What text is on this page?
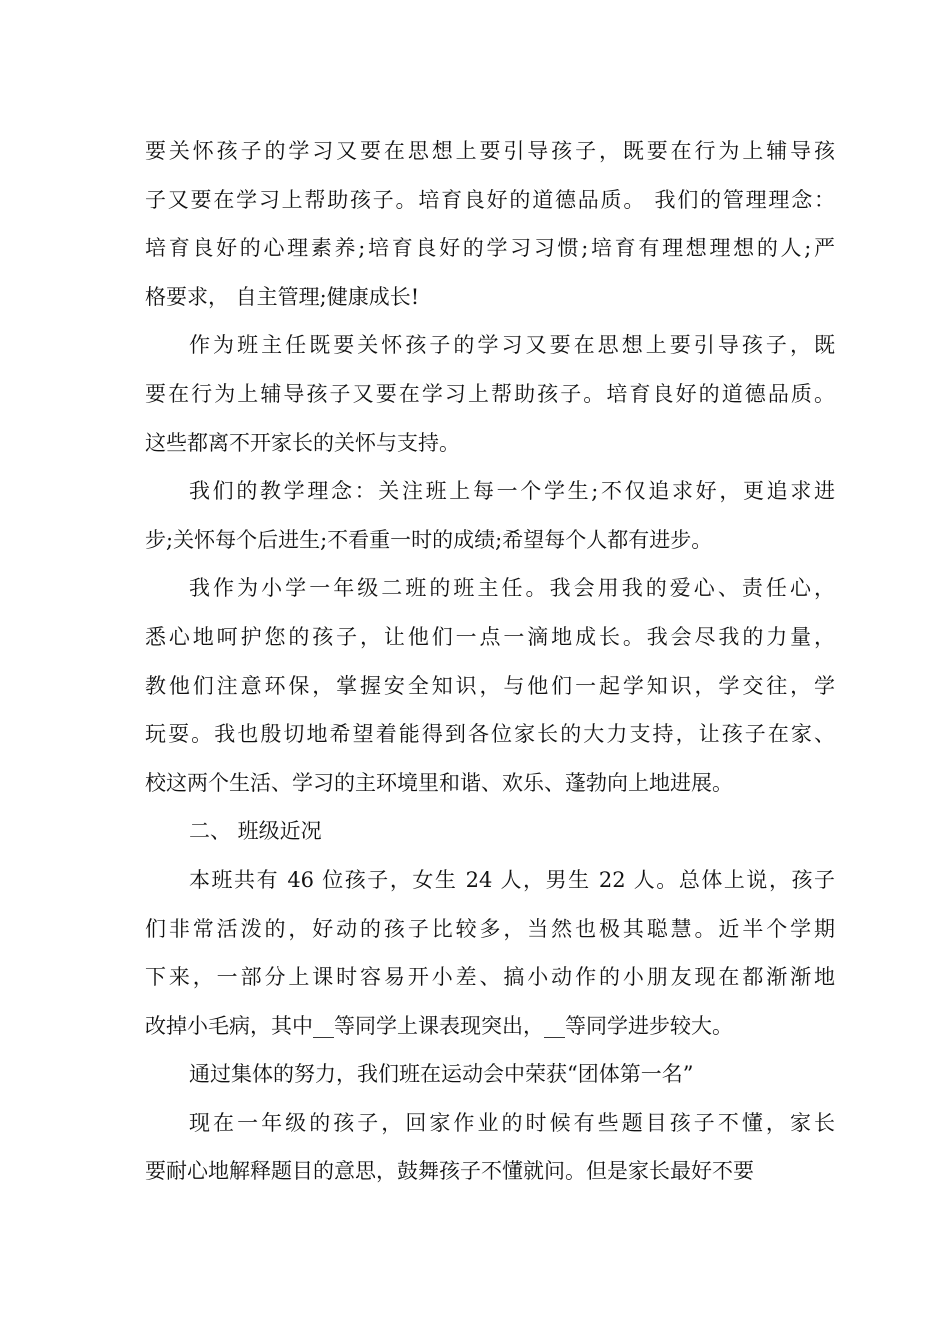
要关怀孩子的学习又要在思想上要引导孩子，既要在行为上辅导孩
子又要在学习上帮助孩子。培育良好的道德品质。 我们的管理理念：
培育良好的心理素养;培育良好的学习习惯;培育有理想理想的人;严
格要求， 自主管理;健康成长!
作为班主任既要关怀孩子的学习又要在思想上要引导孩子，既
要在行为上辅导孩子又要在学习上帮助孩子。培育良好的道德品质。
这些都离不开家长的关怀与支持。
我们的教学理念：关注班上每一个学生;不仅追求好，更追求进
步;关怀每个后进生;不看重一时的成绩;希望每个人都有进步。
我作为小学一年级二班的班主任。我会用我的爱心、责任心，
悉心地呵护您的孩子，让他们一点一滴地成长。我会尽我的力量，
教他们注意环保，掌握安全知识，与他们一起学知识，学交往，学
玩耍。我也殷切地希望着能得到各位家长的大力支持，让孩子在家、
校这两个生活、学习的主环境里和谐、欢乐、蓬勃向上地进展。
二、 班级近况
本班共有 46 位孩子，女生 24 人，男生 22 人。总体上说，孩子
们非常活泼的，好动的孩子比较多，当然也极其聪慧。近半个学期
下来，一部分上课时容易开小差、搞小动作的小朋友现在都渐渐地
改掉小毛病，其中__等同学上课表现突出，__等同学进步较大。
通过集体的努力，我们班在运动会中荣获“团体第一名”
现在一年级的孩子，回家作业的时候有些题目孩子不懂，家长
要耐心地解释题目的意思，鼓舞孩子不懂就问。但是家长最好不要
